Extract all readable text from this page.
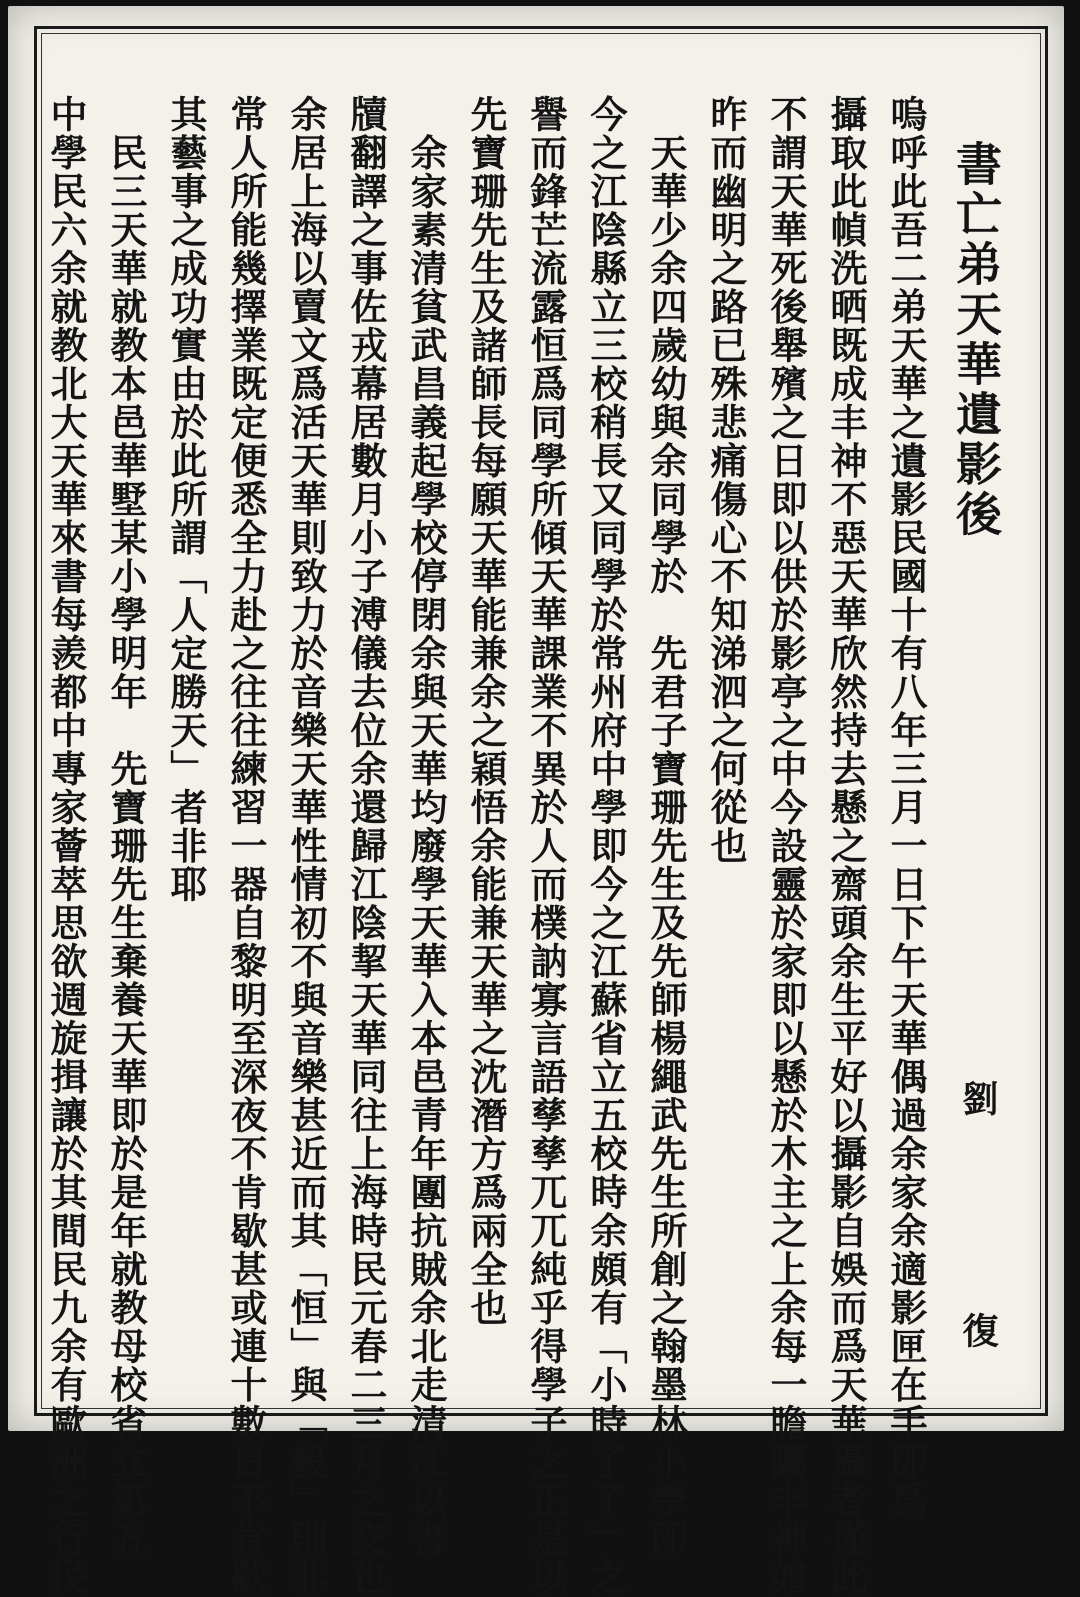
書亡弟天華遺影後
劉　復
嗚呼此吾二弟天華之遺影民國十有八年三月一日下午天華偶過余家余適影匣在手即爲
攝取此幀洗晒既成丰神不惡天華欣然持去懸之齋頭余生平好以攝影自娛而爲天華攝者僅此
不謂天華死後舉殯之日即以供於影亭之中今設靈於家即以懸於木主之上余每一瞻矚丰神如
昨而幽明之路已殊悲痛傷心不知涕泗之何從也
　天華少余四歲幼與余同學於　先君子寶珊先生及先師楊繩武先生所創之翰墨林小學即
今之江陰縣立三校稍長又同學於常州府中學即今之江蘇省立五校時余頗有「小時了了」之
譽而鋒芒流露恒爲同學所傾天華課業不異於人而樸訥寡言語孳孳兀兀純乎得學子之正是以
先寶珊先生及諸師長每願天華能兼余之穎悟余能兼天華之沈潛方爲兩全也
　余家素清貧武昌義起學校停閉余與天華均廢學天華入本邑青年團抗賊余北走清江以書
牘翻譯之事佐戎幕居數月小子溥儀去位余還歸江陰挈天華同往上海時民元春二三月之交也
余居上海以賣文爲活天華則致力於音樂天華性情初不與音樂甚近而其「恒」與「毅」則非
常人所能幾擇業既定便悉全力赴之往往練習一器自黎明至深夜不肯歇甚或連十數日不肯歇
其藝事之成功實由於此所謂「人定勝天」者非耶
　民三天華就教本邑華墅某小學明年　先寶珊先生棄養天華即於是年就教母校省立第五
中學民六余就教北大天華來書每羨都中專家薈萃思欲週旋揖讓於其間民九余有歐洲之行民
